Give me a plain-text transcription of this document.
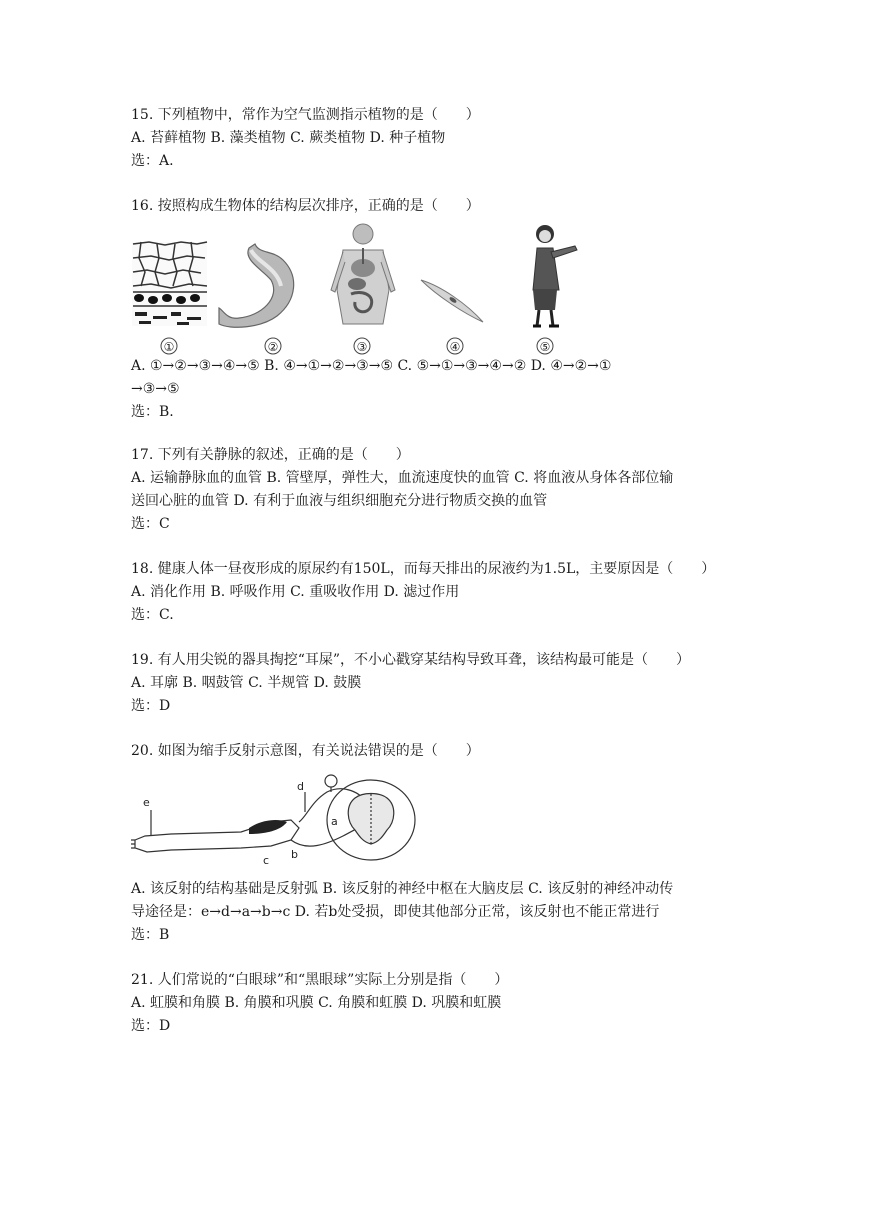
15. 下列植物中，常作为空气监测指示植物的是（　　）
A. 苔藓植物 B. 藻类植物 C. 蕨类植物 D. 种子植物
选：A.
16. 按照构成生物体的结构层次排序，正确的是（　　）
①	②	③	④	⑤
A. ①→②→③→④→⑤ B. ④→①→②→③→⑤ C. ⑤→①→③→④→② D. ④→②→①
→③→⑤
选：B.
17. 下列有关静脉的叙述，正确的是（　　）
A. 运输静脉血的血管 B. 管壁厚，弹性大，血流速度快的血管 C. 将血液从身体各部位输
送回心脏的血管 D. 有利于血液与组织细胞充分进行物质交换的血管
选：C
18. 健康人体一昼夜形成的原尿约有150L，而每天排出的尿液约为1.5L，主要原因是（　　）
A. 消化作用 B. 呼吸作用 C. 重吸收作用 D. 滤过作用
选：C.
19. 有人用尖锐的器具掏挖“耳屎”，不小心戳穿某结构导致耳聋，该结构最可能是（　　）
A. 耳廓 B. 咽鼓管 C. 半规管 D. 鼓膜
选：D
20. 如图为缩手反射示意图，有关说法错误的是（　　）
e
d
a
b
c
A. 该反射的结构基础是反射弧 B. 该反射的神经中枢在大脑皮层 C. 该反射的神经冲动传
导途径是：e→d→a→b→c D. 若b处受损，即使其他部分正常，该反射也不能正常进行
选：B
21. 人们常说的“白眼球”和“黑眼球”实际上分别是指（　　）
A. 虹膜和角膜 B. 角膜和巩膜 C. 角膜和虹膜 D. 巩膜和虹膜
选：D
